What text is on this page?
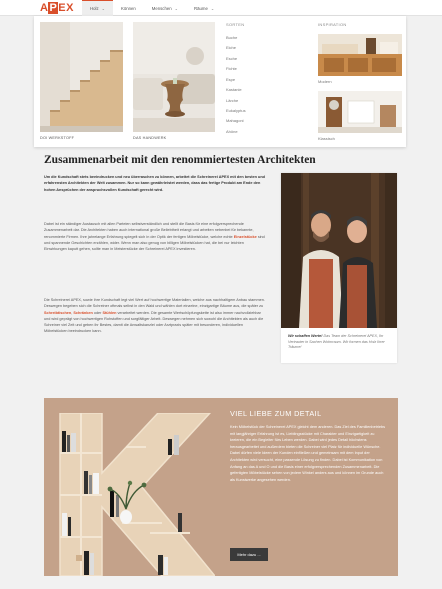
APEX	Holz ⌄	Können	Menschen ⌄	Räume ⌄
DOI WERKSTOFF	DAS HANDWERK
SORTEN
Buche
Eiche
Esche
Fichte
Espe
Kastanie
Lärche
Eukalyptus
Mahagoni
Ahöne
INSPIRATION
Modern
Klassisch
Zusammenarbeit mit den renommiertesten Architekten

Um die Kundschaft stets beeindrucken und neu überraschen zu können, arbeitet die Schreinerei APEX mit den besten und erfahrensten Architekten der Welt zusammen. Nur so kann gewährleistet werden, dass das fertige Produkt am Ende den hohen Ansprüchen der anspruchsvollen Kundschaft gerecht wird.

Dabei ist ein ständiger Austausch mit allen Parteien selbstverständlich und stellt die Basis für eine erfolgversprechende Zusammenarbeit dar. Die Architekten haben auch international große Beliebtheit erlangt und arbeiten nebenbei für bekannte, renommierte Firmen. Ihre jahrelange Erfahrung spiegelt sich in der Optik der fertigen Möbelstücke, welche echte Einzelstücke sind und spannende Geschichten erzählen, wider. Wenn man also genug von billigen Möbelstücken hat, die bei nur leichten Einwirkungen kaputt gehen, sollte man in Meisterstücke der Schreinerei APEX investieren.

Die Schreinerei APEX, sowie ihre Kundschaft legt viel Wert auf hochwertige Materialien, welche aus nachhaltigem Anbau stammen. Deswegen begeben sich die Schreiner oftmals selbst in den Wald und wählen dort einzelne, einzigartige Bäume aus, die später zu Schreibtischen, Schränken oder Stühlen verarbeitet werden. Die gesamte Wertschöpfungskette ist also immer nachvollziehbar und wird geprägt von hochwertigen Rohstoffen und sorgfältiger Arbeit. Deswegen nehmen sich sowohl die Architekten als auch die Schreiner viel Zeit und geben ihr Bestes, damit die Anwaltskanzlei oder Arztpraxis später mit besonderen, individuellen Möbelstücken beeindrucken kann.

Wir schaffen Werte! Das Team der Schreinerei APEX, Ihr Vertrauter in Sachen Wohnraum. Wir formen das Holz Ihrer Träume!

VIEL LIEBE ZUM DETAIL

Kein Möbelstück der Schreinerei APEX gleicht dem anderen. Das Ziel des Familienbetriebs mit langjähriger Erfahrung ist es, Lieblingsstücke mit Charakter und Einzigartigkeit zu kreieren, die ein Begleiter fürs Leben werden. Dabei wird jedes Detail höchstens herausgearbeitet und außerdem bieten die Schreiner viel Platz für individuelle Wünsche. Dabei dürfen viele Ideen der Kunden einfließen und gemeinsam mit dem Input der Architekten wird versucht, eine passende Lösung zu finden. Dabei ist Kommunikation von Anfang an das A und O und die Basis einer erfolgversprechenden Zusammenarbeit. Die gefertigten Möbelstücke sehen von jedem Winkel anders aus und können im Grunde auch als Kunstwerke angesehen werden.

Mehr dazu ...
